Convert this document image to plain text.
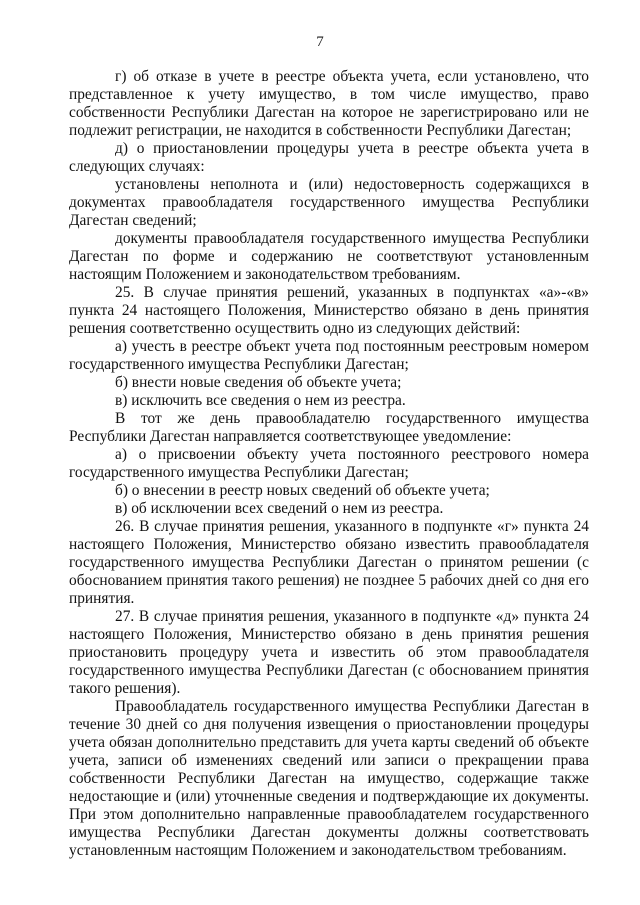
7

г) об отказе в учете в реестре объекта учета, если установлено, что представленное к учету имущество, в том числе имущество, право собственности Республики Дагестан на которое не зарегистрировано или не подлежит регистрации, не находится в собственности Республики Дагестан;

д) о приостановлении процедуры учета в реестре объекта учета в следующих случаях:

установлены неполнота и (или) недостоверность содержащихся в документах правообладателя государственного имущества Республики Дагестан сведений;

документы правообладателя государственного имущества Республики Дагестан по форме и содержанию не соответствуют установленным настоящим Положением и законодательством требованиям.

25. В случае принятия решений, указанных в подпунктах «а»-«в» пункта 24 настоящего Положения, Министерство обязано в день принятия решения соответственно осуществить одно из следующих действий:

а) учесть в реестре объект учета под постоянным реестровым номером государственного имущества Республики Дагестан;

б) внести новые сведения об объекте учета;

в) исключить все сведения о нем из реестра.

В тот же день правообладателю государственного имущества Республики Дагестан направляется соответствующее уведомление:

а) о присвоении объекту учета постоянного реестрового номера государственного имущества Республики Дагестан;

б) о внесении в реестр новых сведений об объекте учета;

в) об исключении всех сведений о нем из реестра.

26. В случае принятия решения, указанного в подпункте «г» пункта 24 настоящего Положения, Министерство обязано известить правообладателя государственного имущества Республики Дагестан о принятом решении (с обоснованием принятия такого решения) не позднее 5 рабочих дней со дня его принятия.

27. В случае принятия решения, указанного в подпункте «д» пункта 24 настоящего Положения, Министерство обязано в день принятия решения приостановить процедуру учета и известить об этом правообладателя государственного имущества Республики Дагестан (с обоснованием принятия такого решения).

Правообладатель государственного имущества Республики Дагестан в течение 30 дней со дня получения извещения о приостановлении процедуры учета обязан дополнительно представить для учета карты сведений об объекте учета, записи об изменениях сведений или записи о прекращении права собственности Республики Дагестан на имущество, содержащие также недостающие и (или) уточненные сведения и подтверждающие их документы. При этом дополнительно направленные правообладателем государственного имущества Республики Дагестан документы должны соответствовать установленным настоящим Положением и законодательством требованиям.
